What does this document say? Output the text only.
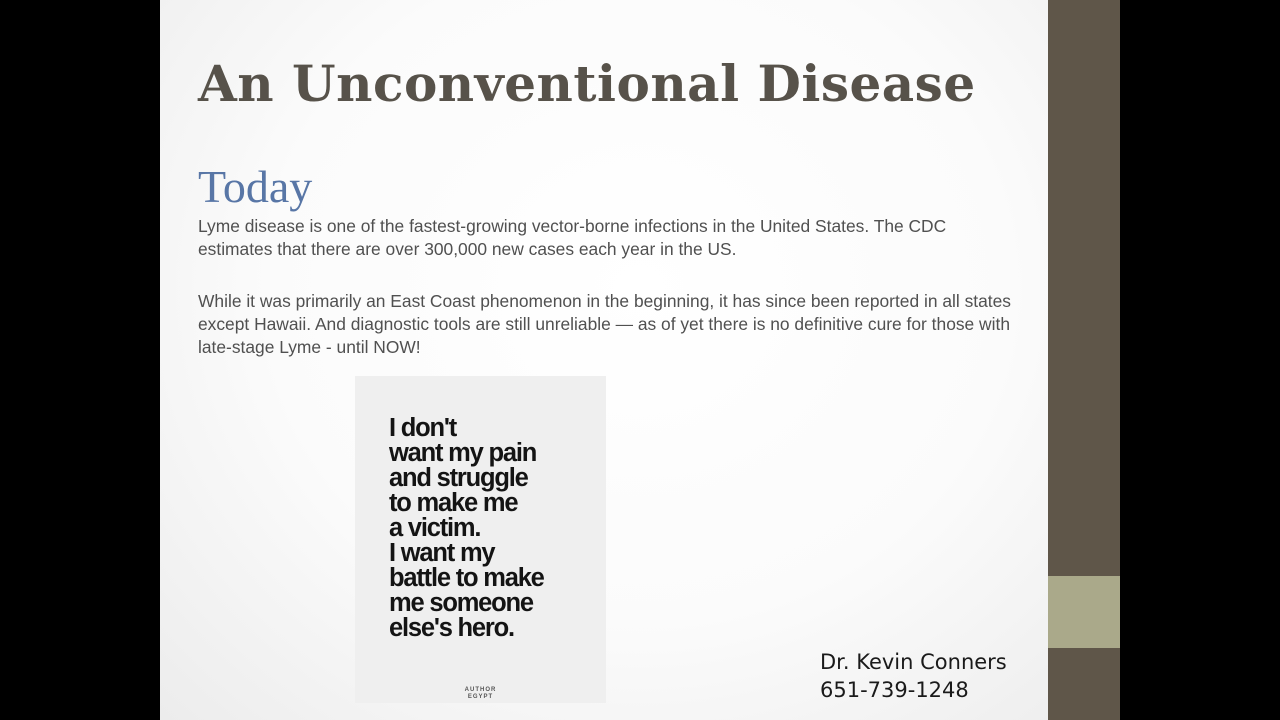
An Unconventional Disease
Today

Lyme disease is one of the fastest-growing vector-borne infections in the United States. The CDC estimates that there are over 300,000 new cases each year in the US.

While it was primarily an East Coast phenomenon in the beginning, it has since been reported in all states except Hawaii. And diagnostic tools are still unreliable — as of yet there is no definitive cure for those with late-stage Lyme - until NOW!

I don't
want my pain
and struggle
to make me
a victim.
I want my
battle to make
me someone
else's hero.

AUTHOR
EGYPT
Dr. Kevin Conners
651-739-1248
